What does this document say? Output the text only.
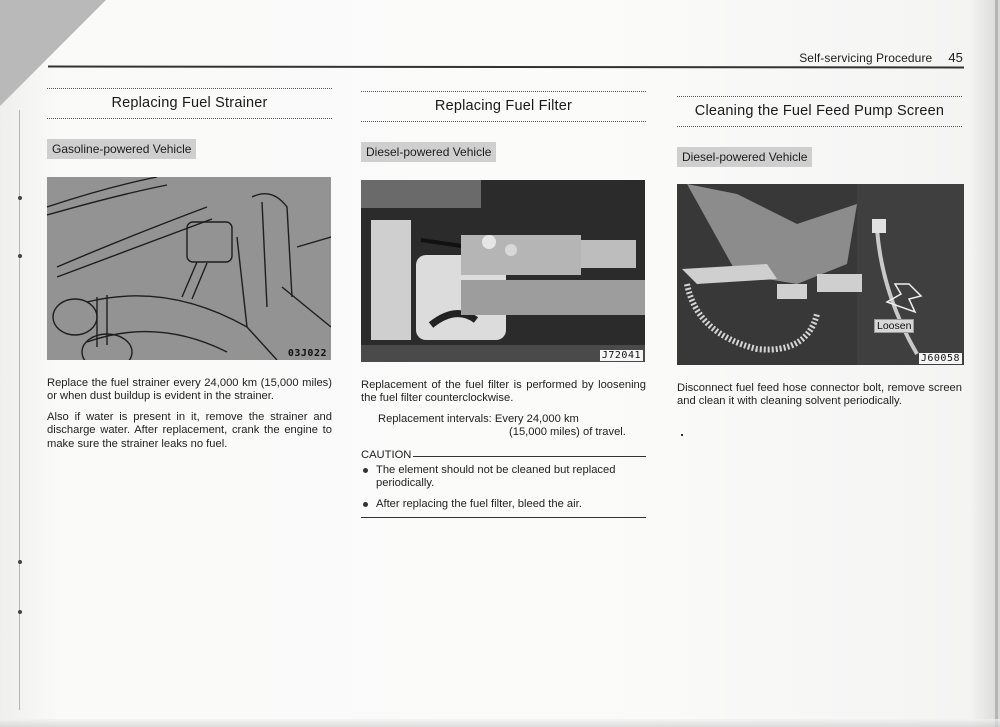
Self-servicing Procedure 45
Replacing Fuel Strainer
Gasoline-powered Vehicle
03J022

Replace the fuel strainer every 24,000 km (15,000 miles) or when dust buildup is evident in the strainer.

Also if water is present in it, remove the strainer and discharge water. After replacement, crank the engine to make sure the strainer leaks no fuel.

Replacing Fuel Filter
Diesel-powered Vehicle
J72041

Replacement of the fuel filter is performed by loosening the fuel filter counterclockwise.

Replacement intervals: Every 24,000 km
(15,000 miles) of travel.
CAUTION
The element should not be cleaned but replaced periodically.
After replacing the fuel filter, bleed the air.
Cleaning the Fuel Feed Pump Screen
Diesel-powered Vehicle
Loosen
J60058

Disconnect fuel feed hose connector bolt, remove screen and clean it with cleaning solvent periodically.
